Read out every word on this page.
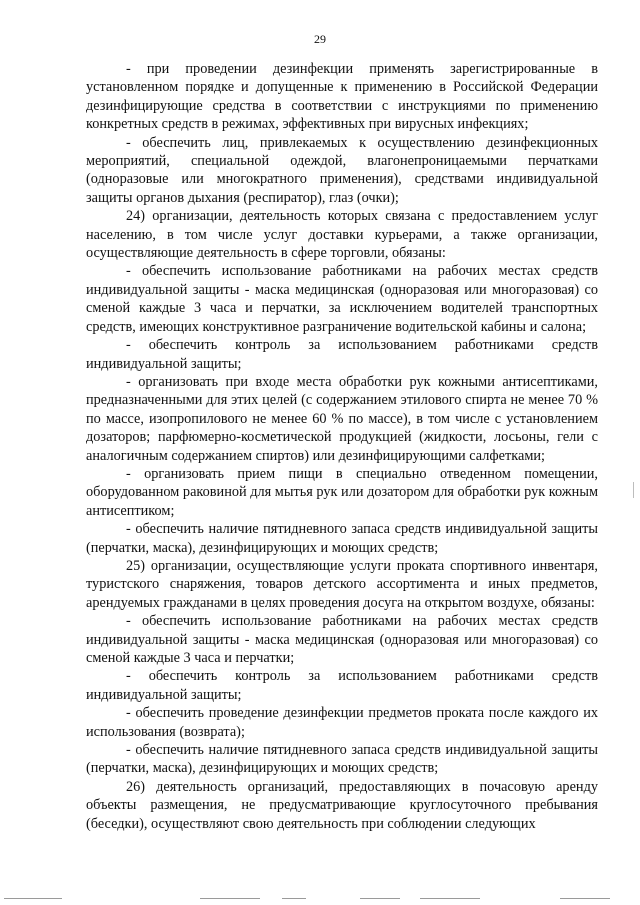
29

- при проведении дезинфекции применять зарегистрированные в установленном порядке и допущенные к применению в Российской Федерации дезинфицирующие средства в соответствии с инструкциями по применению конкретных средств в режимах, эффективных при вирусных инфекциях;

- обеспечить лиц, привлекаемых к осуществлению дезинфекционных мероприятий, специальной одеждой, влагонепроницаемыми перчатками (одноразовые или многократного применения), средствами индивидуальной защиты органов дыхания (респиратор), глаз (очки);

24) организации, деятельность которых связана с предоставлением услуг населению, в том числе услуг доставки курьерами, а также организации, осуществляющие деятельность в сфере торговли, обязаны:

- обеспечить использование работниками на рабочих местах средств индивидуальной защиты - маска медицинская (одноразовая или многоразовая) со сменой каждые 3 часа и перчатки, за исключением водителей транспортных средств, имеющих конструктивное разграничение водительской кабины и салона;

- обеспечить контроль за использованием работниками средств индивидуальной защиты;

- организовать при входе места обработки рук кожными антисептиками, предназначенными для этих целей (с содержанием этилового спирта не менее 70 % по массе, изопропилового не менее 60 % по массе), в том числе с установлением дозаторов; парфюмерно-косметической продукцией (жидкости, лосьоны, гели с аналогичным содержанием спиртов) или дезинфицирующими салфетками;

- организовать прием пищи в специально отведенном помещении, оборудованном раковиной для мытья рук или дозатором для обработки рук кожным антисептиком;

- обеспечить наличие пятидневного запаса средств индивидуальной защиты (перчатки, маска), дезинфицирующих и моющих средств;

25) организации, осуществляющие услуги проката спортивного инвентаря, туристского снаряжения, товаров детского ассортимента и иных предметов, арендуемых гражданами в целях проведения досуга на открытом воздухе, обязаны:

- обеспечить использование работниками на рабочих местах средств индивидуальной защиты - маска медицинская (одноразовая или многоразовая) со сменой каждые 3 часа и перчатки;

- обеспечить контроль за использованием работниками средств индивидуальной защиты;

- обеспечить проведение дезинфекции предметов проката после каждого их использования (возврата);

- обеспечить наличие пятидневного запаса средств индивидуальной защиты (перчатки, маска), дезинфицирующих и моющих средств;

26) деятельность организаций, предоставляющих в почасовую аренду объекты размещения, не предусматривающие круглосуточного пребывания (беседки), осуществляют свою деятельность при соблюдении следующих
